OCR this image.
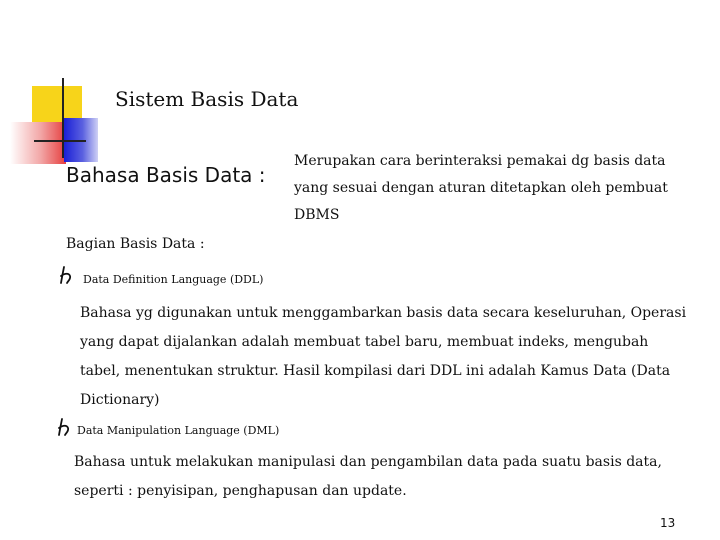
Sistem Basis Data
Bahasa Basis Data :
Merupakan cara berinteraksi pemakai dg basis data yang sesuai dengan aturan ditetapkan oleh pembuat DBMS
Bagian Basis Data :
Data Definition Language (DDL)
Bahasa yg digunakan untuk menggambarkan basis data secara keseluruhan, Operasi yang dapat dijalankan adalah membuat tabel baru, membuat indeks, mengubah tabel, menentukan struktur. Hasil kompilasi dari DDL ini adalah Kamus Data (Data Dictionary)
Data Manipulation Language (DML)
Bahasa untuk melakukan manipulasi dan pengambilan data pada suatu basis data, seperti : penyisipan, penghapusan dan update.
13
